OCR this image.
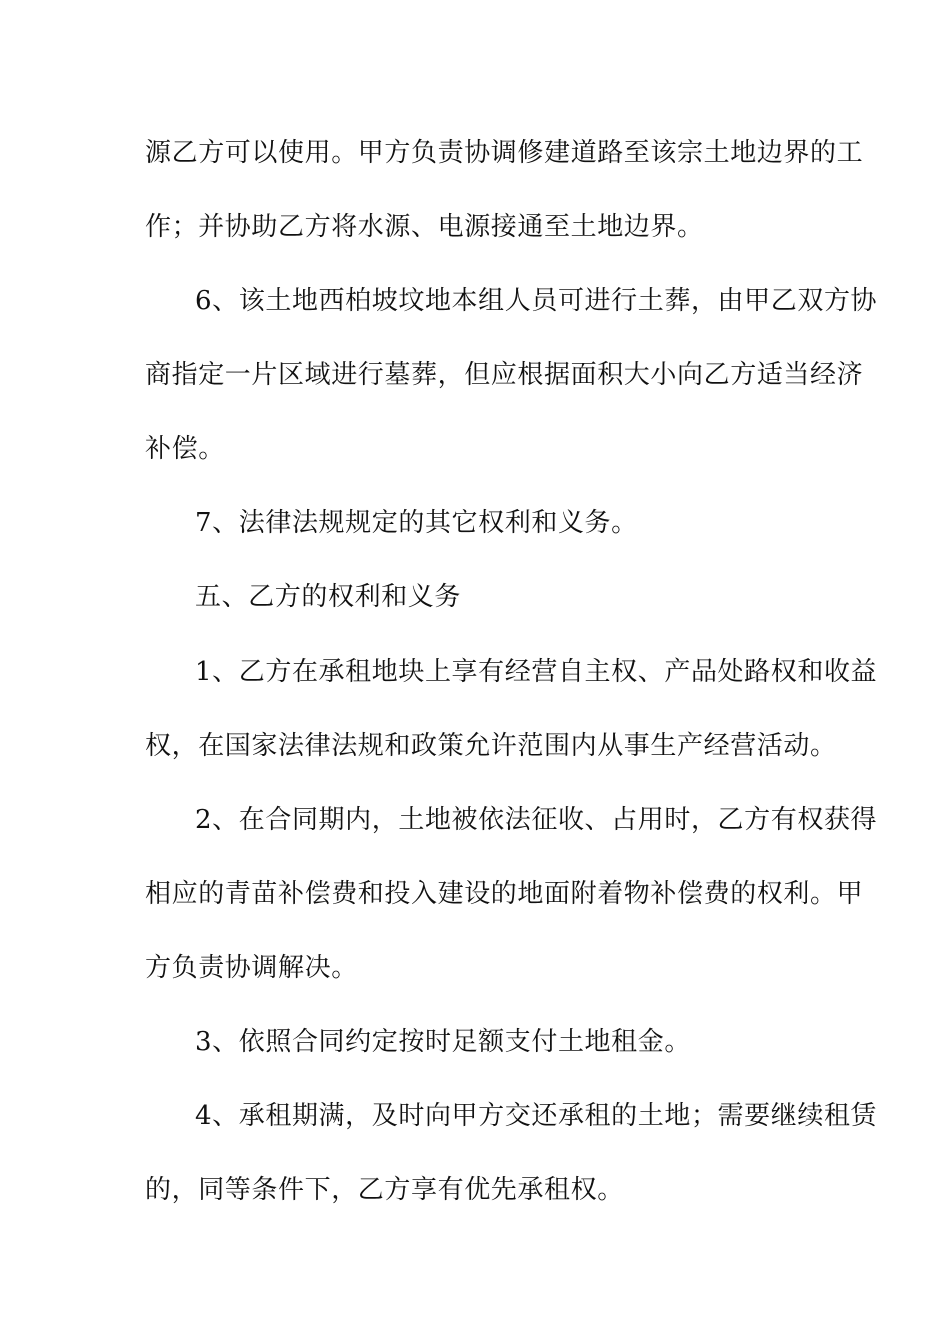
源乙方可以使用。甲方负责协调修建道路至该宗土地边界的工
作；并协助乙方将水源、电源接通至土地边界。
6、该土地西柏坡坟地本组人员可进行土葬，由甲乙双方协
商指定一片区域进行墓葬，但应根据面积大小向乙方适当经济
补偿。
7、法律法规规定的其它权利和义务。
五、乙方的权利和义务
1、乙方在承租地块上享有经营自主权、产品处路权和收益
权，在国家法律法规和政策允许范围内从事生产经营活动。
2、在合同期内，土地被依法征收、占用时，乙方有权获得
相应的青苗补偿费和投入建设的地面附着物补偿费的权利。甲
方负责协调解决。
3、依照合同约定按时足额支付土地租金。
4、承租期满，及时向甲方交还承租的土地；需要继续租赁
的，同等条件下，乙方享有优先承租权。
